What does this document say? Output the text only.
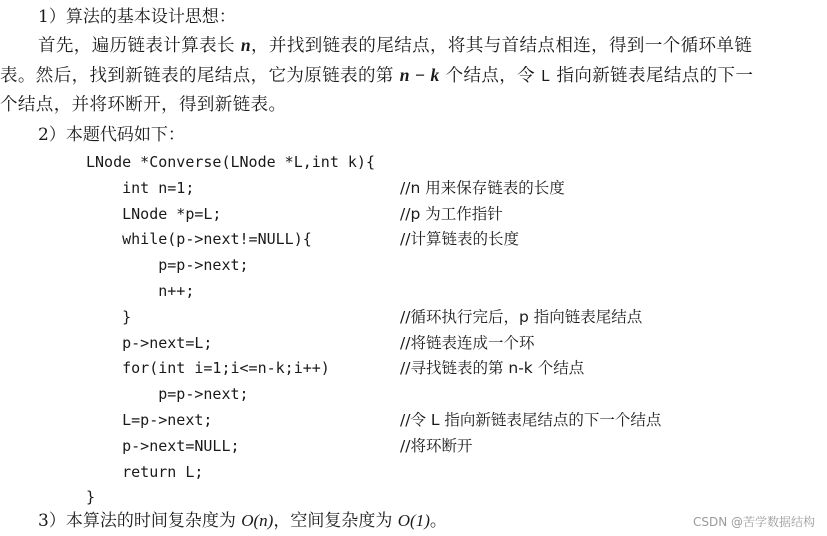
1）算法的基本设计思想：
首先，遍历链表计算表长 n，并找到链表的尾结点，将其与首结点相连，得到一个循环单链
表。然后，找到新链表的尾结点，它为原链表的第 n − k 个结点，令 L 指向新链表尾结点的下一
个结点，并将环断开，得到新链表。
2）本题代码如下：
LNode *Converse(LNode *L,int k){
int n=1;	//n 用来保存链表的长度
LNode *p=L;	//p 为工作指针
while(p->next!=NULL){	//计算链表的长度
p=p->next;
n++;
}	//循环执行完后，p 指向链表尾结点
p->next=L;	//将链表连成一个环
for(int i=1;i<=n-k;i++)	//寻找链表的第 n-k 个结点
p=p->next;
L=p->next;	//令 L 指向新链表尾结点的下一个结点
p->next=NULL;	//将环断开
return L;
}
3）本算法的时间复杂度为 O(n)，空间复杂度为 O(1)。	CSDN @苦学数据结构
